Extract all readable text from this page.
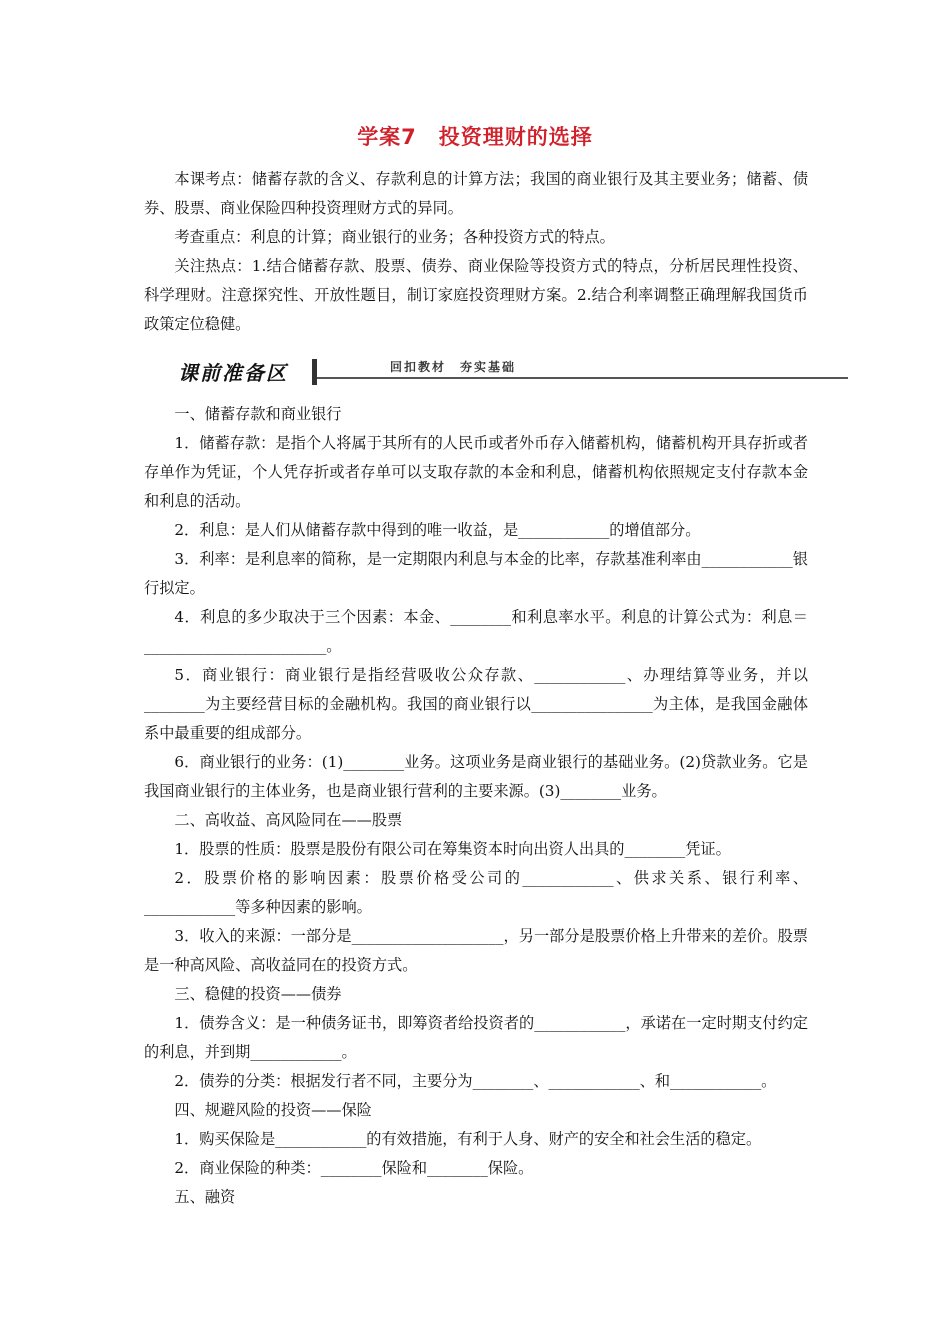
学案7　投资理财的选择

本课考点：储蓄存款的含义、存款利息的计算方法；我国的商业银行及其主要业务；储蓄、债券、股票、商业保险四种投资理财方式的异同。

考查重点：利息的计算；商业银行的业务；各种投资方式的特点。

关注热点：1.结合储蓄存款、股票、债券、商业保险等投资方式的特点，分析居民理性投资、科学理财。注意探究性、开放性题目，制订家庭投资理财方案。2.结合利率调整正确理解我国货币政策定位稳健。

课前准备区	回扣教材　夯实基础

一、储蓄存款和商业银行

1．储蓄存款：是指个人将属于其所有的人民币或者外币存入储蓄机构，储蓄机构开具存折或者存单作为凭证，个人凭存折或者存单可以支取存款的本金和利息，储蓄机构依照规定支付存款本金和利息的活动。

2．利息：是人们从储蓄存款中得到的唯一收益，是____________的增值部分。

3．利率：是利息率的简称，是一定期限内利息与本金的比率，存款基准利率由____________银行拟定。

4．利息的多少取决于三个因素：本金、________和利息率水平。利息的计算公式为：利息＝________________________。

5．商业银行：商业银行是指经营吸收公众存款、____________、办理结算等业务，并以________为主要经营目标的金融机构。我国的商业银行以________________为主体，是我国金融体系中最重要的组成部分。

6．商业银行的业务：(1)________业务。这项业务是商业银行的基础业务。(2)贷款业务。它是我国商业银行的主体业务，也是商业银行营利的主要来源。(3)________业务。

二、高收益、高风险同在——股票

1．股票的性质：股票是股份有限公司在筹集资本时向出资人出具的________凭证。

2．股票价格的影响因素：股票价格受公司的____________、供求关系、银行利率、____________等多种因素的影响。

3．收入的来源：一部分是____________________，另一部分是股票价格上升带来的差价。股票是一种高风险、高收益同在的投资方式。

三、稳健的投资——债券

1．债券含义：是一种债务证书，即筹资者给投资者的____________，承诺在一定时期支付约定的利息，并到期____________。

2．债券的分类：根据发行者不同，主要分为________、____________、和____________。

四、规避风险的投资——保险

1．购买保险是____________的有效措施，有利于人身、财产的安全和社会生活的稳定。

2．商业保险的种类：________保险和________保险。

五、融资
